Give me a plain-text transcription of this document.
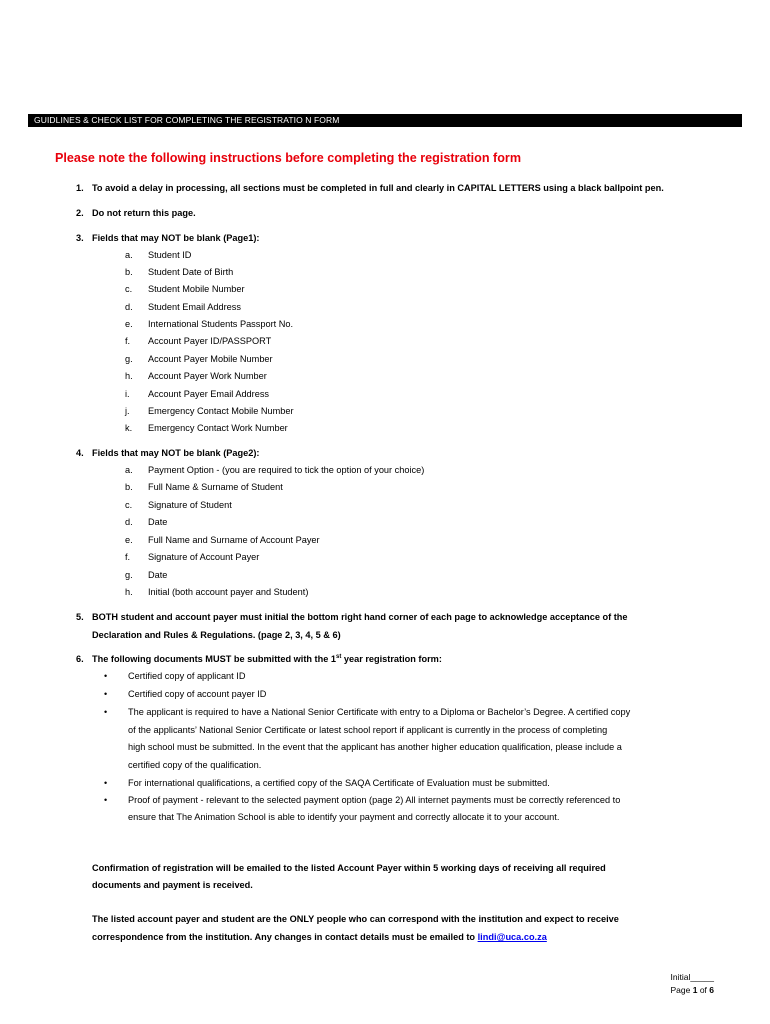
GUIDLINES & CHECK LIST FOR COMPLETING THE REGISTRATIO N FORM
Please note the following instructions before completing the registration form
1. To avoid a delay in processing, all sections must be completed in full and clearly in CAPITAL LETTERS using a black ballpoint pen.
2. Do not return this page.
3. Fields that may NOT be blank (Page1):
a. Student ID
b. Student Date of Birth
c. Student Mobile Number
d. Student Email Address
e. International Students Passport No.
f. Account Payer ID/PASSPORT
g. Account Payer Mobile Number
h. Account Payer Work Number
i. Account Payer Email Address
j. Emergency Contact Mobile Number
k. Emergency Contact Work Number
4. Fields that may NOT be blank (Page2):
a. Payment Option - (you are required to tick the option of your choice)
b. Full Name & Surname of Student
c. Signature of Student
d. Date
e. Full Name and Surname of Account Payer
f. Signature of Account Payer
g. Date
h. Initial (both account payer and Student)
5. BOTH student and account payer must initial the bottom right hand corner of each page to acknowledge acceptance of the
Declaration and Rules & Regulations. (page 2, 3, 4, 5 & 6)
6. The following documents MUST be submitted with the 1st year registration form:
• Certified copy of applicant ID
• Certified copy of account payer ID
• The applicant is required to have a National Senior Certificate with entry to a Diploma or Bachelor’s Degree. A certified copy
of the applicants’ National Senior Certificate or latest school report if applicant is currently in the process of completing
high school must be submitted. In the event that the applicant has another higher education qualification, please include a
certified copy of the qualification.
• For international qualifications, a certified copy of the SAQA Certificate of Evaluation must be submitted.
• Proof of payment - relevant to the selected payment option (page 2) All internet payments must be correctly referenced to
ensure that The Animation School is able to identify your payment and correctly allocate it to your account.
Confirmation of registration will be emailed to the listed Account Payer within 5 working days of receiving all required
documents and payment is received.
The listed account payer and student are the ONLY people who can correspond with the institution and expect to receive
correspondence from the institution. Any changes in contact details must be emailed to lindi@uca.co.za
Initial_____
Page 1 of 6
